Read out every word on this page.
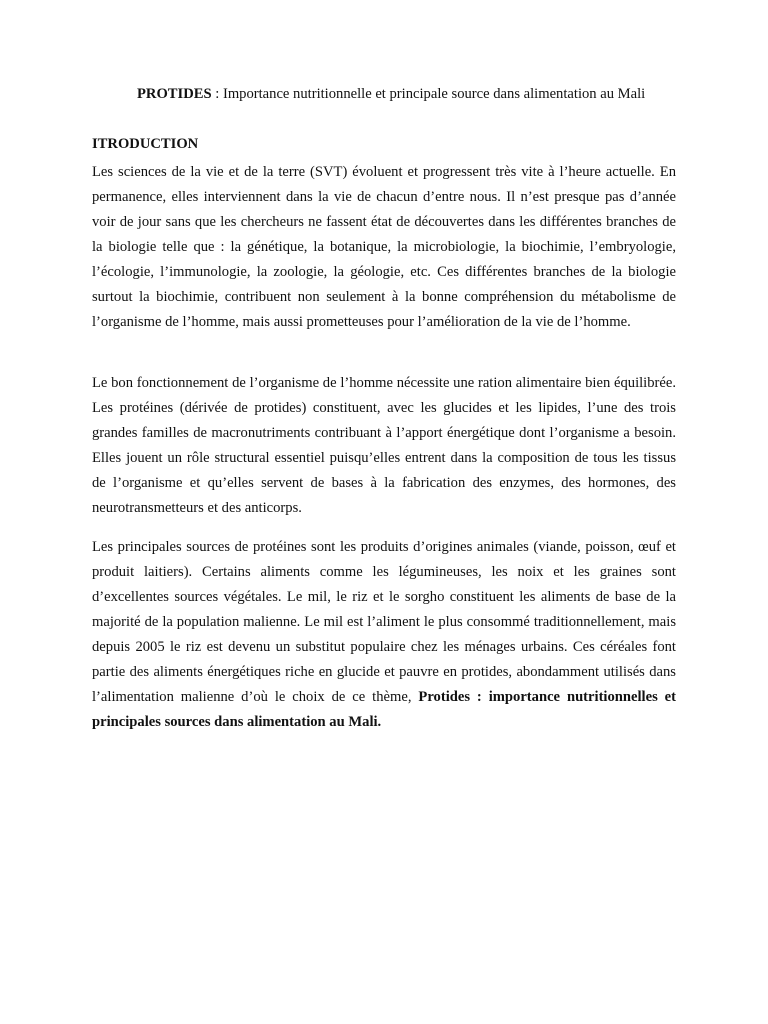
PROTIDES : Importance nutritionnelle et principale source dans alimentation au Mali
ITRODUCTION

Les sciences de la vie et de la terre (SVT) évoluent et progressent très vite à l’heure actuelle. En permanence, elles interviennent dans la vie de chacun d’entre nous. Il n’est presque pas d’année voir de jour sans que les chercheurs ne fassent état de découvertes dans les différentes branches de la biologie telle que : la génétique, la botanique, la microbiologie, la biochimie, l’embryologie, l’écologie, l’immunologie, la zoologie, la géologie, etc. Ces différentes branches de la biologie surtout la biochimie, contribuent non seulement à la bonne compréhension du métabolisme de l’organisme de l’homme, mais aussi prometteuses pour l’amélioration de la vie de l’homme.

Le bon fonctionnement de l’organisme de l’homme nécessite une ration alimentaire bien équilibrée. Les protéines (dérivée de protides) constituent, avec les glucides et les lipides, l’une des trois grandes familles de macronutriments contribuant à l’apport énergétique dont l’organisme a besoin. Elles jouent un rôle structural essentiel puisqu’elles entrent dans la composition de tous les tissus de l’organisme et qu’elles servent de bases à la fabrication des enzymes, des hormones, des neurotransmetteurs et des anticorps.

Les principales sources de protéines sont les produits d’origines animales (viande, poisson, œuf et produit laitiers). Certains aliments comme les légumineuses, les noix et les graines sont d’excellentes sources végétales. Le mil, le riz et le sorgho constituent les aliments de base de la majorité de la population malienne. Le mil est l’aliment le plus consommé traditionnellement, mais depuis 2005 le riz est devenu un substitut populaire chez les ménages urbains. Ces céréales font partie des aliments énergétiques riche en glucide et pauvre en protides, abondamment utilisés dans l’alimentation malienne d’où le choix de ce thème, Protides : importance nutritionnelles et principales sources dans alimentation au Mali.
